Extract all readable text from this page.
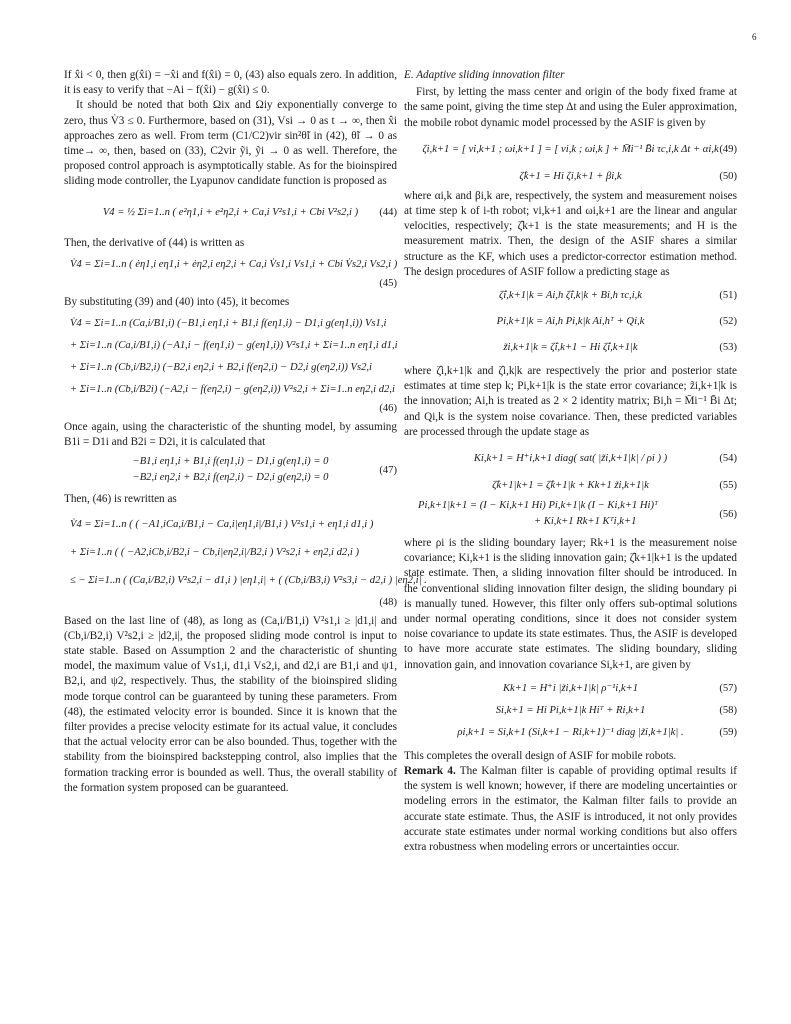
6

If x̂i < 0, then g(x̂i) = −x̂i and f(x̂i) = 0, (43) also equals zero. In addition, it is easy to verify that −Ai − f(x̂i) − g(x̂i) ≤ 0.

It should be noted that both Ωix and Ωiy exponentially converge to zero, thus V̇3 ≤ 0. Furthermore, based on (31), Vsi → 0 as t → ∞, then x̂i approaches zero as well. From term (C1/C2)vir sin²θ̃i in (42), θ̃i → 0 as time→ ∞, then, based on (33), C2vir ỹi, ỹi → 0 as well. Therefore, the proposed control approach is asymptotically stable. As for the bioinspired sliding mode controller, the Lyapunov candidate function is proposed as

V4 = ½ Σi=1..n ( e²η1,i + e²η2,i + Ca,i V²s1,i + Cbi V²s2,i ) (44)

Then, the derivative of (44) is written as

V̇4 = Σi=1..n ( ėη1,i eη1,i + ėη2,i eη2,i + Ca,i V̇s1,i Vs1,i + Cbi V̇s2,i Vs2,i )
(45)

By substituting (39) and (40) into (45), it becomes

V̇4 = Σi=1..n (Ca,i/B1,i) (−B1,i eη1,i + B1,i f(eη1,i) − D1,i g(eη1,i)) Vs1,i
+ Σi=1..n (Ca,i/B1,i) (−A1,i − f(eη1,i) − g(eη1,i)) V²s1,i + Σi=1..n eη1,i d1,i
+ Σi=1..n (Cb,i/B2,i) (−B2,i eη2,i + B2,i f(eη2,i) − D2,i g(eη2,i)) Vs2,i
+ Σi=1..n (Cb,i/B2i) (−A2,i − f(eη2,i) − g(eη2,i)) V²s2,i + Σi=1..n eη2,i d2,i
(46)

Once again, using the characteristic of the shunting model, by assuming B1i = D1i and B2i = D2i, it is calculated that

−B1,i eη1,i + B1,i f(eη1,i) − D1,i g(eη1,i) = 0
−B2,i eη2,i + B2,i f(eη2,i) − D2,i g(eη2,i) = 0
(47)

Then, (46) is rewritten as

V̇4 = Σi=1..n ( ( −A1,iCa,i/B1,i − Ca,i|eη1,i|/B1,i ) V²s1,i + eη1,i d1,i )
+ Σi=1..n ( ( −A2,iCb,i/B2,i − Cb,i|eη2,i|/B2,i ) V²s2,i + eη2,i d2,i )
≤ − Σi=1..n ( (Ca,i/B2,i) V²s2,i − d1,i ) |eη1,i| + ( (Cb,i/B3,i) V²s3,i − d2,i ) |eη2,i| .
(48)

Based on the last line of (48), as long as (Ca,i/B1,i) V²s1,i ≥ |d1,i| and (Cb,i/B2,i) V²s2,i ≥ |d2,i|, the proposed sliding mode control is input to state stable. Based on Assumption 2 and the characteristic of shunting model, the maximum value of Vs1,i, d1,i Vs2,i, and d2,i are B1,i and ψ1, B2,i, and ψ2, respectively. Thus, the stability of the bioinspired sliding mode torque control can be guaranteed by tuning these parameters. From (48), the estimated velocity error is bounded. Since it is known that the filter provides a precise velocity estimate for its actual value, it concludes that the actual velocity error can be also bounded. Thus, together with the stability from the bioinspired backstepping control, also implies that the formation tracking error is bounded as well. Thus, the overall stability of the formation system proposed can be guaranteed.

E. Adaptive sliding innovation filter

First, by letting the mass center and origin of the body fixed frame at the same point, giving the time step Δt and using the Euler approximation, the mobile robot dynamic model processed by the ASIF is given by

ζi,k+1 = [ vi,k+1 ; ωi,k+1 ] = [ vi,k ; ωi,k ] + M̄i⁻¹ B̄i τc,i,k Δt + αi,k (49)
ζ̂k+1 = Hi ζi,k+1 + βi,k	(50)

where αi,k and βi,k are, respectively, the system and measurement noises at time step k of i-th robot; vi,k+1 and ωi,k+1 are the linear and angular velocities, respectively; ζ̂k+1 is the state measurements; and H is the measurement matrix. Then, the design of the ASIF shares a similar structure as the KF, which uses a predictor-corrector estimation method. The design procedures of ASIF follow a predicting stage as

ζ̂i,k+1|k = Ai,h ζ̂i,k|k + Bi,h τc,i,k	(51)
Pi,k+1|k = Ai,h Pi,k|k Ai,hᵀ + Qi,k	(52)
z̃i,k+1|k = ζ̂i,k+1 − Hi ζ̂i,k+1|k	(53)

where ζ̂i,k+1|k and ζ̂i,k|k are respectively the prior and posterior state estimates at time step k; Pi,k+1|k is the state error covariance; z̃i,k+1|k is the innovation; Ai,h is treated as 2 × 2 identity matrix; Bi,h = M̄i⁻¹ B̄i Δt; and Qi,k is the system noise covariance. Then, these predicted variables are processed through the update stage as

Ki,k+1 = H⁺i,k+1 diag( sat( |z̃i,k+1|k| / ρi ) )	(54)
ζ̂k+1|k+1 = ζ̂k+1|k + Kk+1 z̃i,k+1|k	(55)
Pi,k+1|k+1 = (I − Ki,k+1 Hi) Pi,k+1|k (I − Ki,k+1 Hi)ᵀ
+ Ki,k+1 Rk+1 Kᵀi,k+1
(56)

where ρi is the sliding boundary layer; Rk+1 is the measurement noise covariance; Ki,k+1 is the sliding innovation gain; ζ̂k+1|k+1 is the updated state estimate. Then, a sliding innovation filter should be introduced. In the conventional sliding innovation filter design, the sliding boundary ρi is manually tuned. However, this filter only offers sub-optimal solutions under normal operating conditions, since it does not consider system noise covariance to update its state estimates. Thus, the ASIF is developed to have more accurate state estimates. The sliding boundary, sliding innovation gain, and innovation covariance Si,k+1, are given by

Kk+1 = H⁺i |z̃i,k+1|k| ρ⁻¹i,k+1	(57)
Si,k+1 = Hi Pi,k+1|k Hiᵀ + Ri,k+1	(58)
ρi,k+1 = Si,k+1 (Si,k+1 − Ri,k+1)⁻¹ diag |z̃i,k+1|k| .	(59)

This completes the overall design of ASIF for mobile robots.

Remark 4. The Kalman filter is capable of providing optimal results if the system is well known; however, if there are modeling uncertainties or modeling errors in the estimator, the Kalman filter fails to provide an accurate state estimate. Thus, the ASIF is introduced, it not only provides accurate state estimates under normal working conditions but also offers extra robustness when modeling errors or uncertainties occur.
